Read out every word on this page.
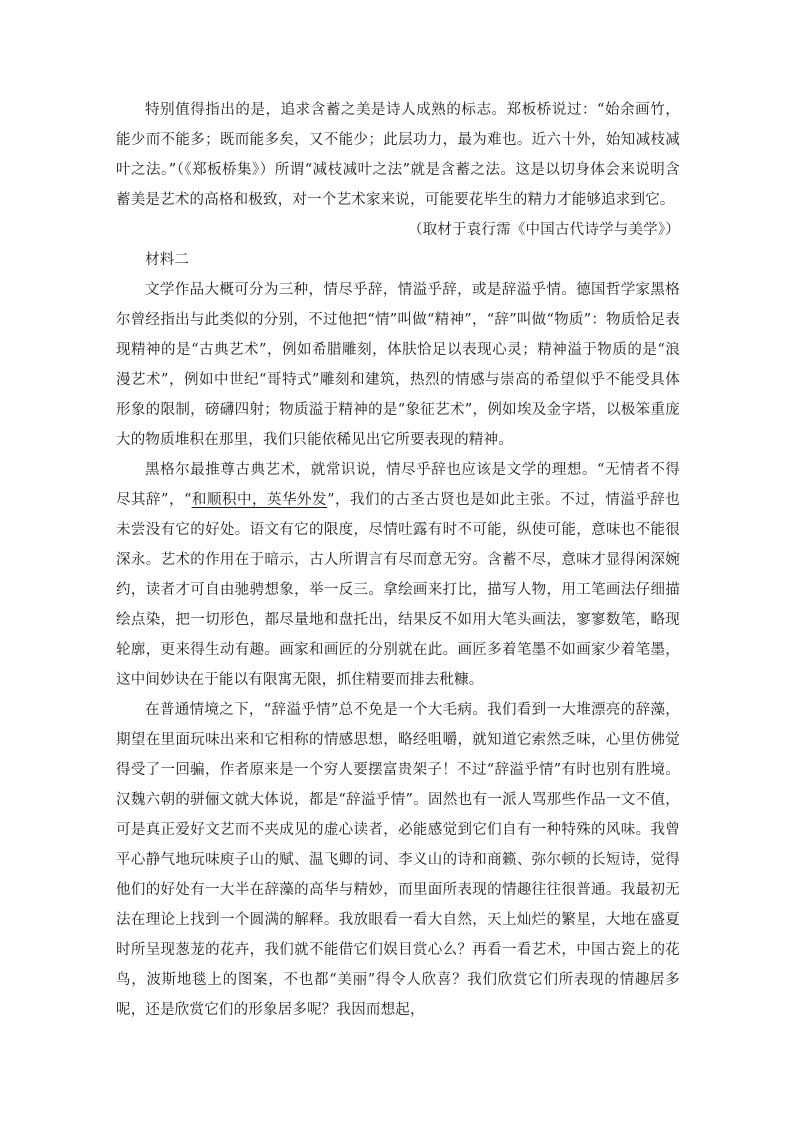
特别值得指出的是，追求含蓄之美是诗人成熟的标志。郑板桥说过：“始余画竹，能少而不能多；既而能多矣，又不能少；此层功力，最为难也。近六十外，始知减枝减叶之法。”（《郑板桥集》）所谓“减枝减叶之法”就是含蓄之法。这是以切身体会来说明含蓄美是艺术的高格和极致，对一个艺术家来说，可能要花毕生的精力才能够追求到它。

（取材于袁行霈《中国古代诗学与美学》）

材料二

文学作品大概可分为三种，情尽乎辞，情溢乎辞，或是辞溢乎情。德国哲学家黑格尔曾经指出与此类似的分别，不过他把“情”叫做“精神”，“辞”叫做“物质”：物质恰足表现精神的是“古典艺术”，例如希腊雕刻，体肤恰足以表现心灵；精神溢于物质的是“浪漫艺术”，例如中世纪“哥特式”雕刻和建筑，热烈的情感与崇高的希望似乎不能受具体形象的限制，磅礴四射；物质溢于精神的是“象征艺术”，例如埃及金字塔，以极笨重庞大的物质堆积在那里，我们只能依稀见出它所要表现的精神。

黑格尔最推尊古典艺术，就常识说，情尽乎辞也应该是文学的理想。“无情者不得尽其辞”，“和顺积中，英华外发”，我们的古圣古贤也是如此主张。不过，情溢乎辞也未尝没有它的好处。语文有它的限度，尽情吐露有时不可能，纵使可能，意味也不能很深永。艺术的作用在于暗示，古人所谓言有尽而意无穷。含蓄不尽，意味才显得闲深婉约，读者才可自由驰骋想象，举一反三。拿绘画来打比，描写人物，用工笔画法仔细描绘点染，把一切形色，都尽量地和盘托出，结果反不如用大笔头画法，寥寥数笔，略现轮廓，更来得生动有趣。画家和画匠的分别就在此。画匠多着笔墨不如画家少着笔墨，这中间妙诀在于能以有限寓无限，抓住精要而排去秕糠。

在普通情境之下，“辞溢乎情”总不免是一个大毛病。我们看到一大堆漂亮的辞藻，期望在里面玩味出来和它相称的情感思想，略经咀嚼，就知道它索然乏味，心里仿佛觉得受了一回骗，作者原来是一个穷人要摆富贵架子！不过“辞溢乎情”有时也别有胜境。汉魏六朝的骈俪文就大体说，都是“辞溢乎情”。固然也有一派人骂那些作品一文不值，可是真正爱好文艺而不夹成见的虚心读者，必能感觉到它们自有一种特殊的风味。我曾平心静气地玩味庾子山的赋、温飞卿的词、李义山的诗和商籁、弥尔顿的长短诗，觉得他们的好处有一大半在辞藻的高华与精妙，而里面所表现的情趣往往很普通。我最初无法在理论上找到一个圆满的解释。我放眼看一看大自然，天上灿烂的繁星，大地在盛夏时所呈现葱茏的花卉，我们就不能借它们娱目赏心么？再看一看艺术，中国古瓷上的花鸟，波斯地毯上的图案，不也都“美丽”得令人欣喜？我们欣赏它们所表现的情趣居多呢，还是欣赏它们的形象居多呢？我因而想起，
